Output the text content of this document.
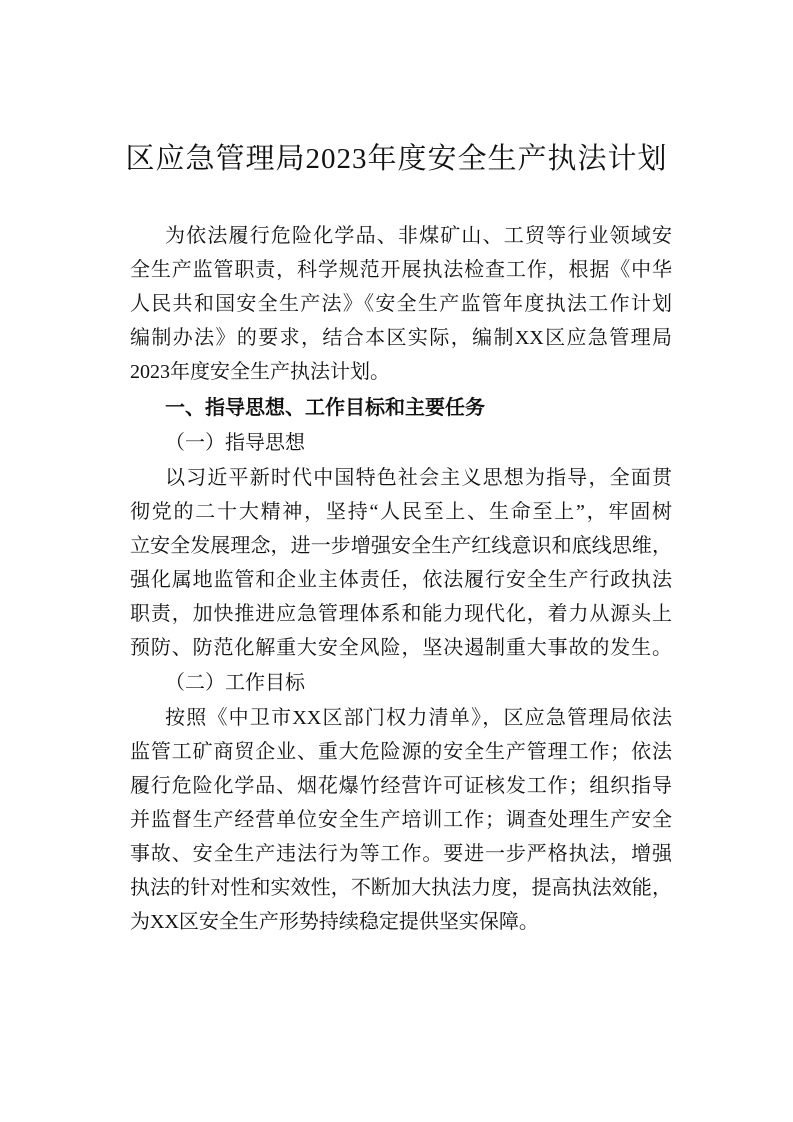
区应急管理局2023年度安全生产执法计划
为依法履行危险化学品、非煤矿山、工贸等行业领域安
全生产监管职责，科学规范开展执法检查工作，根据《中华
人民共和国安全生产法》《安全生产监管年度执法工作计划
编制办法》的要求，结合本区实际，编制XX区应急管理局
2023年度安全生产执法计划。
一、指导思想、工作目标和主要任务
（一）指导思想
以习近平新时代中国特色社会主义思想为指导，全面贯
彻党的二十大精神，坚持“人民至上、生命至上”，牢固树
立安全发展理念，进一步增强安全生产红线意识和底线思维，
强化属地监管和企业主体责任，依法履行安全生产行政执法
职责，加快推进应急管理体系和能力现代化，着力从源头上
预防、防范化解重大安全风险，坚决遏制重大事故的发生。
（二）工作目标
按照《中卫市XX区部门权力清单》，区应急管理局依法
监管工矿商贸企业、重大危险源的安全生产管理工作；依法
履行危险化学品、烟花爆竹经营许可证核发工作；组织指导
并监督生产经营单位安全生产培训工作；调查处理生产安全
事故、安全生产违法行为等工作。要进一步严格执法，增强
执法的针对性和实效性，不断加大执法力度，提高执法效能，
为XX区安全生产形势持续稳定提供坚实保障。
